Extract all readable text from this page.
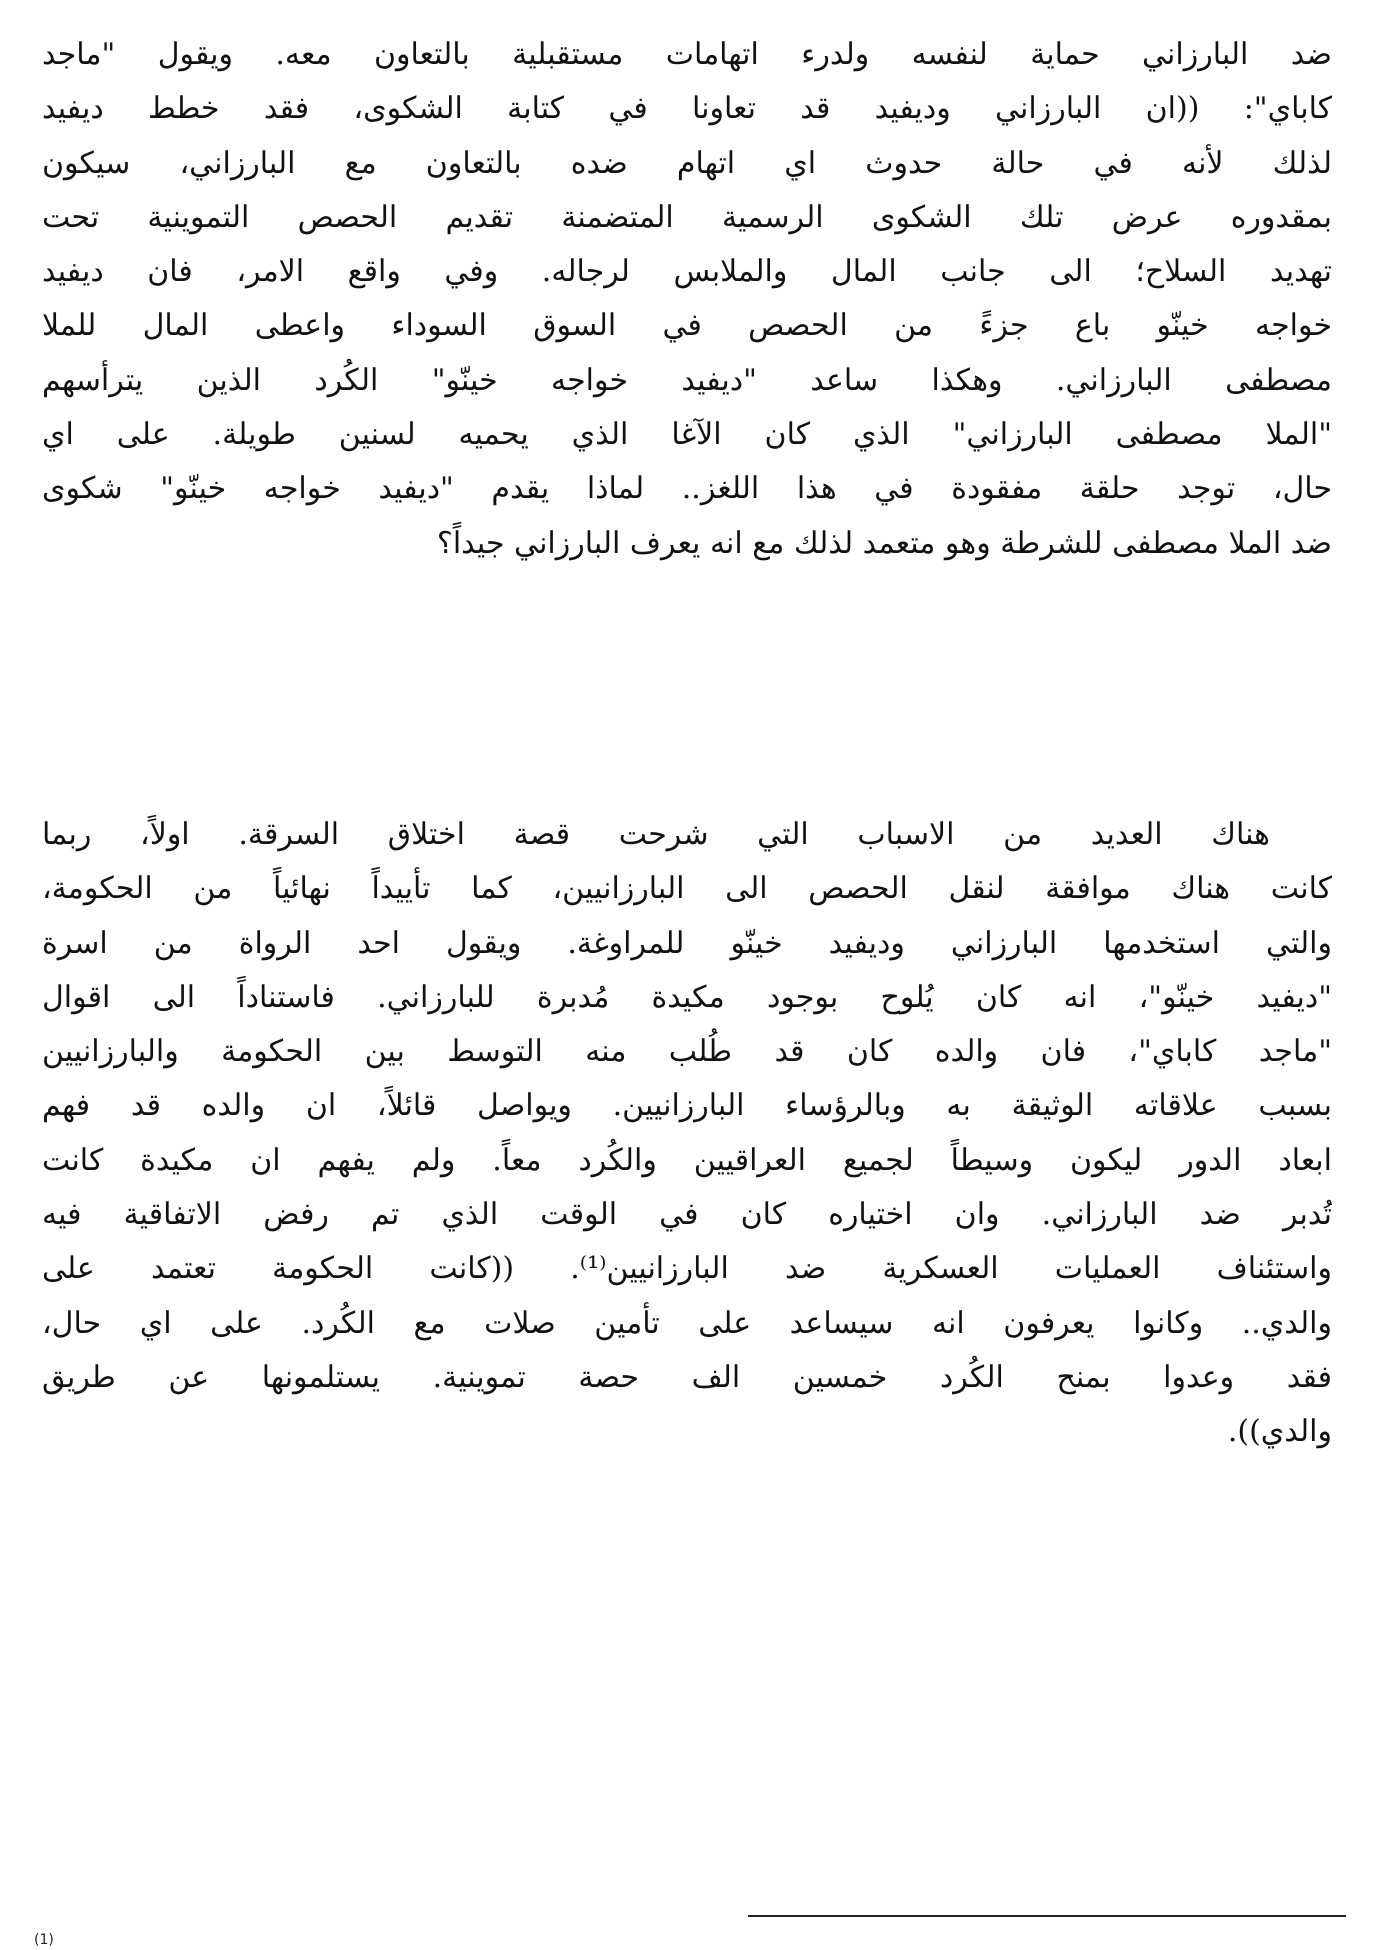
ضد البارزاني حماية لنفسه ولدرء اتهامات مستقبلية بالتعاون معه. ويقول "ماجد
كاباي": ((ان البارزاني وديفيد قد تعاونا في كتابة الشكوى، فقد خطط ديفيد
لذلك لأنه في حالة حدوث اي اتهام ضده بالتعاون مع البارزاني، سيكون
بمقدوره عرض تلك الشكوى الرسمية المتضمنة تقديم الحصص التموينية تحت
تهديد السلاح؛ الى جانب المال والملابس لرجاله. وفي واقع الامر، فان ديفيد
خواجه خينّو باع جزءً من الحصص في السوق السوداء واعطى المال للملا
مصطفى البارزاني. وهكذا ساعد "ديفيد خواجه خينّو" الكُرد الذين يترأسهم
"الملا مصطفى البارزاني" الذي كان الآغا الذي يحميه لسنين طويلة. على اي
حال، توجد حلقة مفقودة في هذا اللغز.. لماذا يقدم "ديفيد خواجه خينّو" شكوى
ضد الملا مصطفى للشرطة وهو متعمد لذلك مع انه يعرف البارزاني جيداً؟
هناك العديد من الاسباب التي شرحت قصة اختلاق السرقة. اولاً، ربما
كانت هناك موافقة لنقل الحصص الى البارزانيين، كما تأييداً نهائياً من الحكومة،
والتي استخدمها البارزاني وديفيد خينّو للمراوغة. ويقول احد الرواة من اسرة
"ديفيد خينّو"، انه كان يُلوح بوجود مكيدة مُدبرة للبارزاني. فاستناداً الى اقوال
"ماجد كاباي"، فان والده كان قد طُلب منه التوسط بين الحكومة والبارزانيين
بسبب علاقاته الوثيقة به وبالرؤساء البارزانيين. ويواصل قائلاً، ان والده قد فهم
ابعاد الدور ليكون وسيطاً لجميع العراقيين والكُرد معاً. ولم يفهم ان مكيدة كانت
تُدبر ضد البارزاني. وان اختياره كان في الوقت الذي تم رفض الاتفاقية فيه
واستئناف العمليات العسكرية ضد البارزانيين⁽¹⁾. ((كانت الحكومة تعتمد على
والدي.. وكانوا يعرفون انه سيساعد على تأمين صلات مع الكُرد. على اي حال،
فقد وعدوا بمنح الكُرد خمسين الف حصة تموينية. يستلمونها عن طريق
والدي)).
(1)
